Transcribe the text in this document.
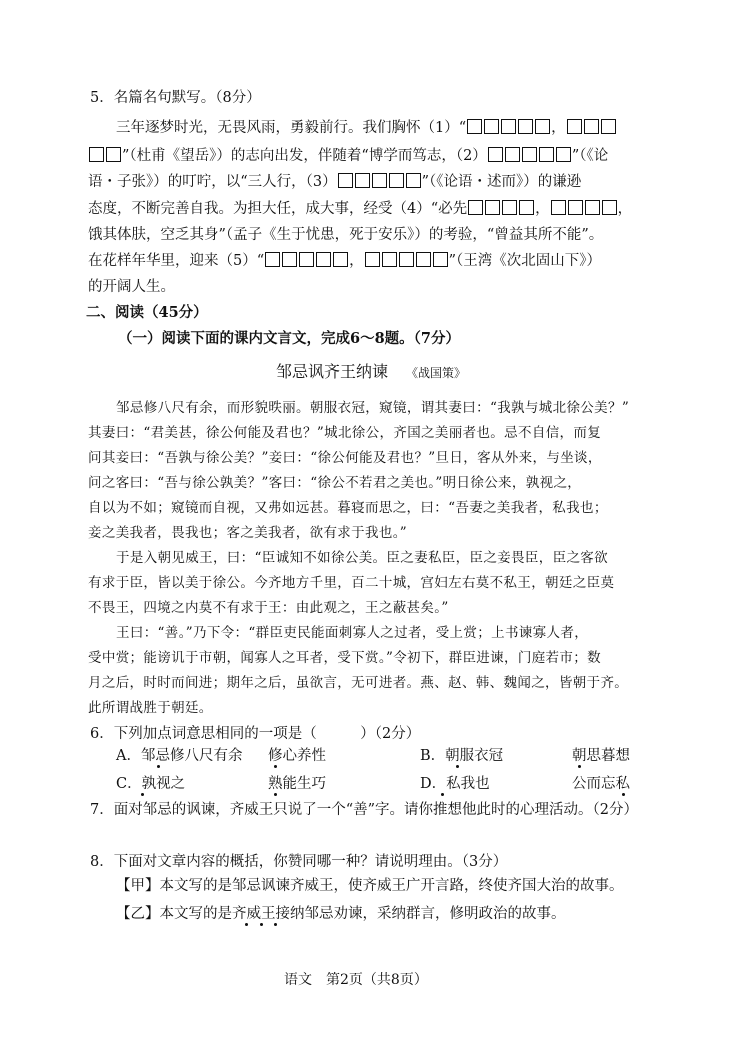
5．名篇名句默写。（8分）
三年逐梦时光，无畏风雨，勇毅前行。我们胸怀（1）“	，
”（杜甫《望岳》）的志向出发，伴随着“博学而笃志，（2）	”（《论
语・子张》）的叮咛，以“三人行，（3）	”（《论语・述而》）的谦逊
态度，不断完善自我。为担大任，成大事，经受（4）“必先	，	，
饿其体肤，空乏其身”（孟子《生于忧患，死于安乐》）的考验，“曾益其所不能”。
在花样年华里，迎来（5）“	，	”（王湾《次北固山下》）
的开阔人生。
二、阅读（45分）
（一）阅读下面的课内文言文，完成6～8题。（7分）
邹忌讽齐王纳谏 《战国策》
邹忌修八尺有余，而形貌昳丽。朝服衣冠，窥镜，谓其妻曰：“我孰与城北徐公美？”
其妻曰：“君美甚，徐公何能及君也？”城北徐公，齐国之美丽者也。忌不自信，而复
问其妾曰：“吾孰与徐公美？”妾曰：“徐公何能及君也？”旦日，客从外来，与坐谈，
问之客曰：“吾与徐公孰美？”客曰：“徐公不若君之美也。”明日徐公来，孰视之，
自以为不如；窥镜而自视，又弗如远甚。暮寝而思之，曰：“吾妻之美我者，私我也；
妾之美我者，畏我也；客之美我者，欲有求于我也。”
于是入朝见威王，曰：“臣诚知不如徐公美。臣之妻私臣，臣之妾畏臣，臣之客欲
有求于臣，皆以美于徐公。今齐地方千里，百二十城，宫妇左右莫不私王，朝廷之臣莫
不畏王，四境之内莫不有求于王：由此观之，王之蔽甚矣。”
王曰：“善。”乃下令：“群臣吏民能面刺寡人之过者，受上赏；上书谏寡人者，
受中赏；能谤讥于市朝，闻寡人之耳者，受下赏。”令初下，群臣进谏，门庭若市；数
月之后，时时而间进；期年之后，虽欲言，无可进者。燕、赵、韩、魏闻之，皆朝于齐。
此所谓战胜于朝廷。
6．下列加点词意思相同的一项是（　　　）（2分）
A．邹忌修八尺有余 修心养性	B．朝服衣冠	朝思暮想
C．孰视之	熟能生巧	D．私我也	公而忘私
7．面对邹忌的讽谏，齐威王只说了一个“善”字。请你推想他此时的心理活动。（2分）
8．下面对文章内容的概括，你赞同哪一种？请说明理由。（3分）
【甲】本文写的是邹忌讽谏齐威王，使齐威王广开言路，终使齐国大治的故事。
【乙】本文写的是齐威王接纳邹忌劝谏，采纳群言，修明政治的故事。
语文　第2页（共8页）
